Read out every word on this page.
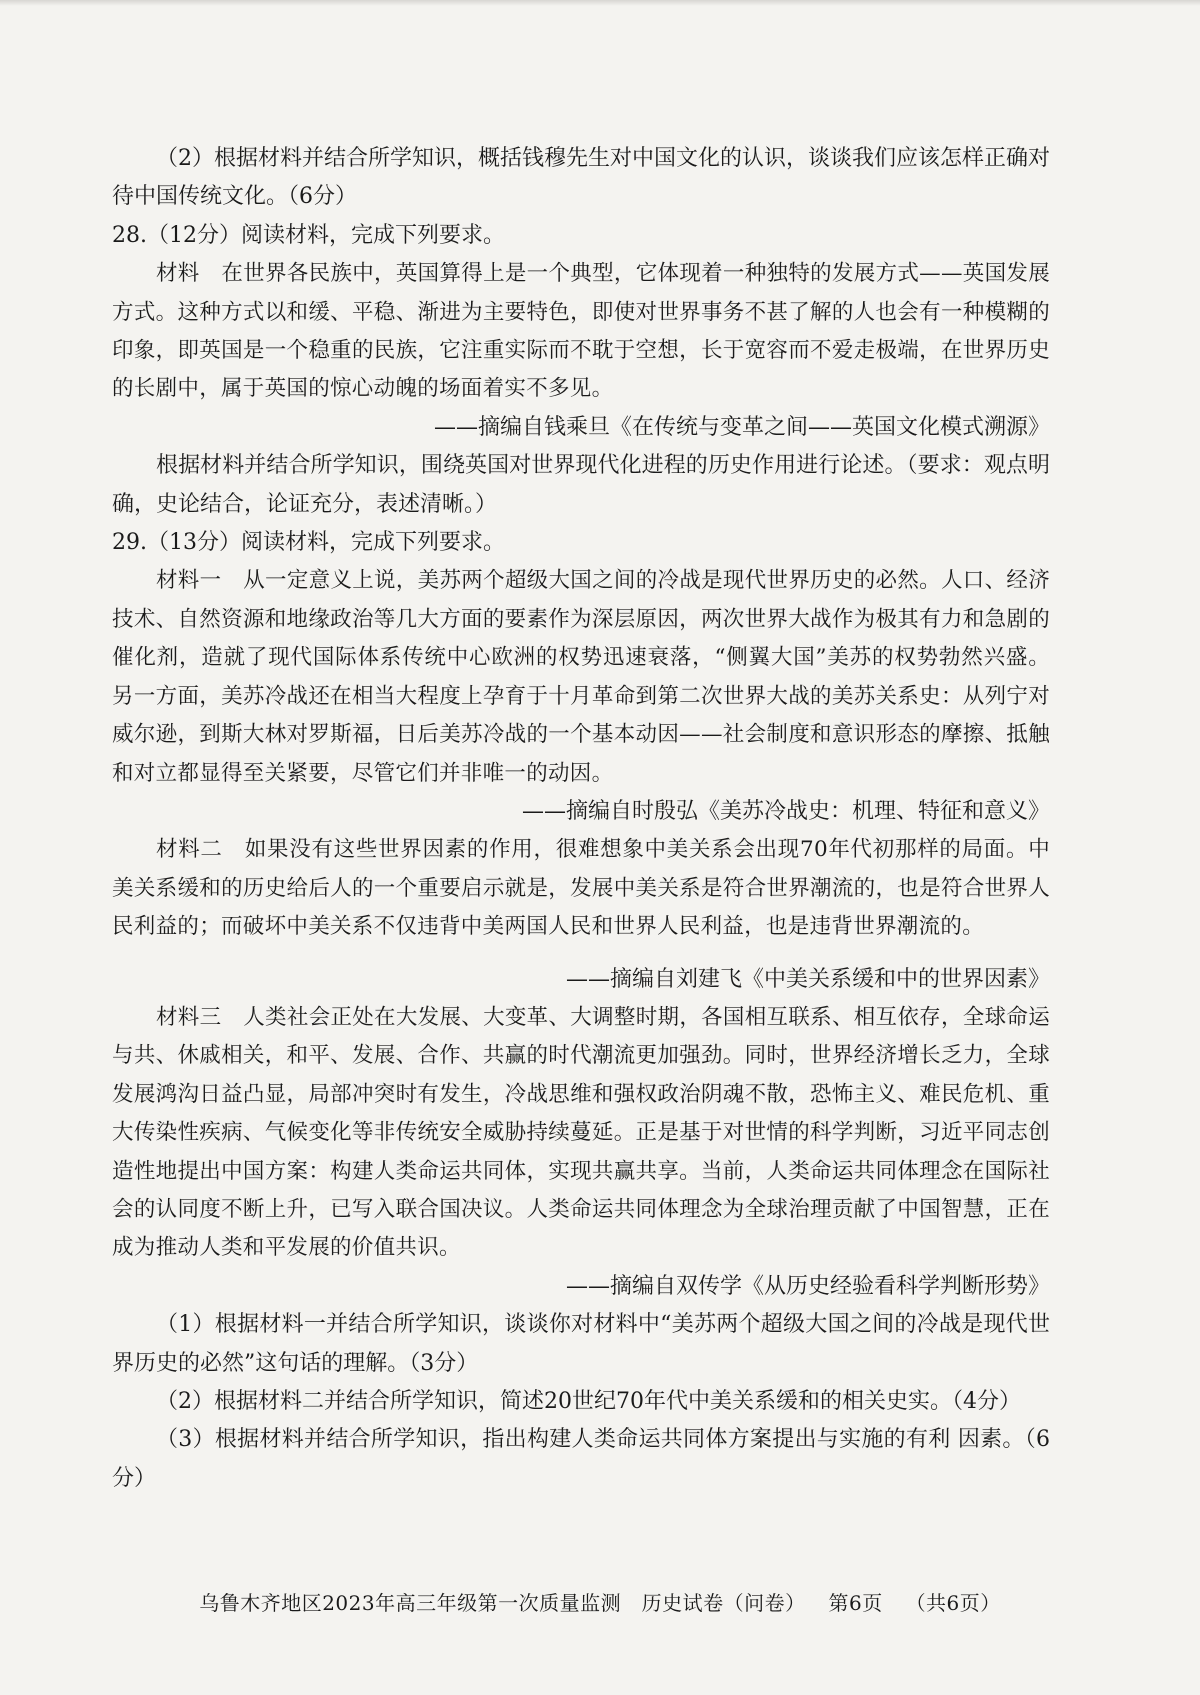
（2）根据材料并结合所学知识，概括钱穆先生对中国文化的认识，谈谈我们应该怎样正确对待中国传统文化。（6分）

28.（12分）阅读材料，完成下列要求。

材料　在世界各民族中，英国算得上是一个典型，它体现着一种独特的发展方式——英国发展方式。这种方式以和缓、平稳、渐进为主要特色，即使对世界事务不甚了解的人也会有一种模糊的印象，即英国是一个稳重的民族，它注重实际而不耽于空想，长于宽容而不爱走极端，在世界历史的长剧中，属于英国的惊心动魄的场面着实不多见。

——摘编自钱乘旦《在传统与变革之间——英国文化模式溯源》

根据材料并结合所学知识，围绕英国对世界现代化进程的历史作用进行论述。（要求：观点明确，史论结合，论证充分，表述清晰。）

29.（13分）阅读材料，完成下列要求。

材料一　从一定意义上说，美苏两个超级大国之间的冷战是现代世界历史的必然。人口、经济技术、自然资源和地缘政治等几大方面的要素作为深层原因，两次世界大战作为极其有力和急剧的催化剂，造就了现代国际体系传统中心欧洲的权势迅速衰落，“侧翼大国”美苏的权势勃然兴盛。另一方面，美苏冷战还在相当大程度上孕育于十月革命到第二次世界大战的美苏关系史：从列宁对威尔逊，到斯大林对罗斯福，日后美苏冷战的一个基本动因——社会制度和意识形态的摩擦、抵触和对立都显得至关紧要，尽管它们并非唯一的动因。

——摘编自时殷弘《美苏冷战史：机理、特征和意义》

材料二　如果没有这些世界因素的作用，很难想象中美关系会出现70年代初那样的局面。中美关系缓和的历史给后人的一个重要启示就是，发展中美关系是符合世界潮流的，也是符合世界人民利益的；而破坏中美关系不仅违背中美两国人民和世界人民利益，也是违背世界潮流的。

——摘编自刘建飞《中美关系缓和中的世界因素》

材料三　人类社会正处在大发展、大变革、大调整时期，各国相互联系、相互依存，全球命运与共、休戚相关，和平、发展、合作、共赢的时代潮流更加强劲。同时，世界经济增长乏力，全球发展鸿沟日益凸显，局部冲突时有发生，冷战思维和强权政治阴魂不散，恐怖主义、难民危机、重大传染性疾病、气候变化等非传统安全威胁持续蔓延。正是基于对世情的科学判断，习近平同志创造性地提出中国方案：构建人类命运共同体，实现共赢共享。当前，人类命运共同体理念在国际社会的认同度不断上升，已写入联合国决议。人类命运共同体理念为全球治理贡献了中国智慧，正在成为推动人类和平发展的价值共识。

——摘编自双传学《从历史经验看科学判断形势》

（1）根据材料一并结合所学知识，谈谈你对材料中“美苏两个超级大国之间的冷战是现代世界历史的必然”这句话的理解。（3分）

（2）根据材料二并结合所学知识，简述20世纪70年代中美关系缓和的相关史实。（4分）

（3）根据材料并结合所学知识，指出构建人类命运共同体方案提出与实施的有利 因素。（6分）

乌鲁木齐地区2023年高三年级第一次质量监测　历史试卷（问卷） 第6页 （共6页）
